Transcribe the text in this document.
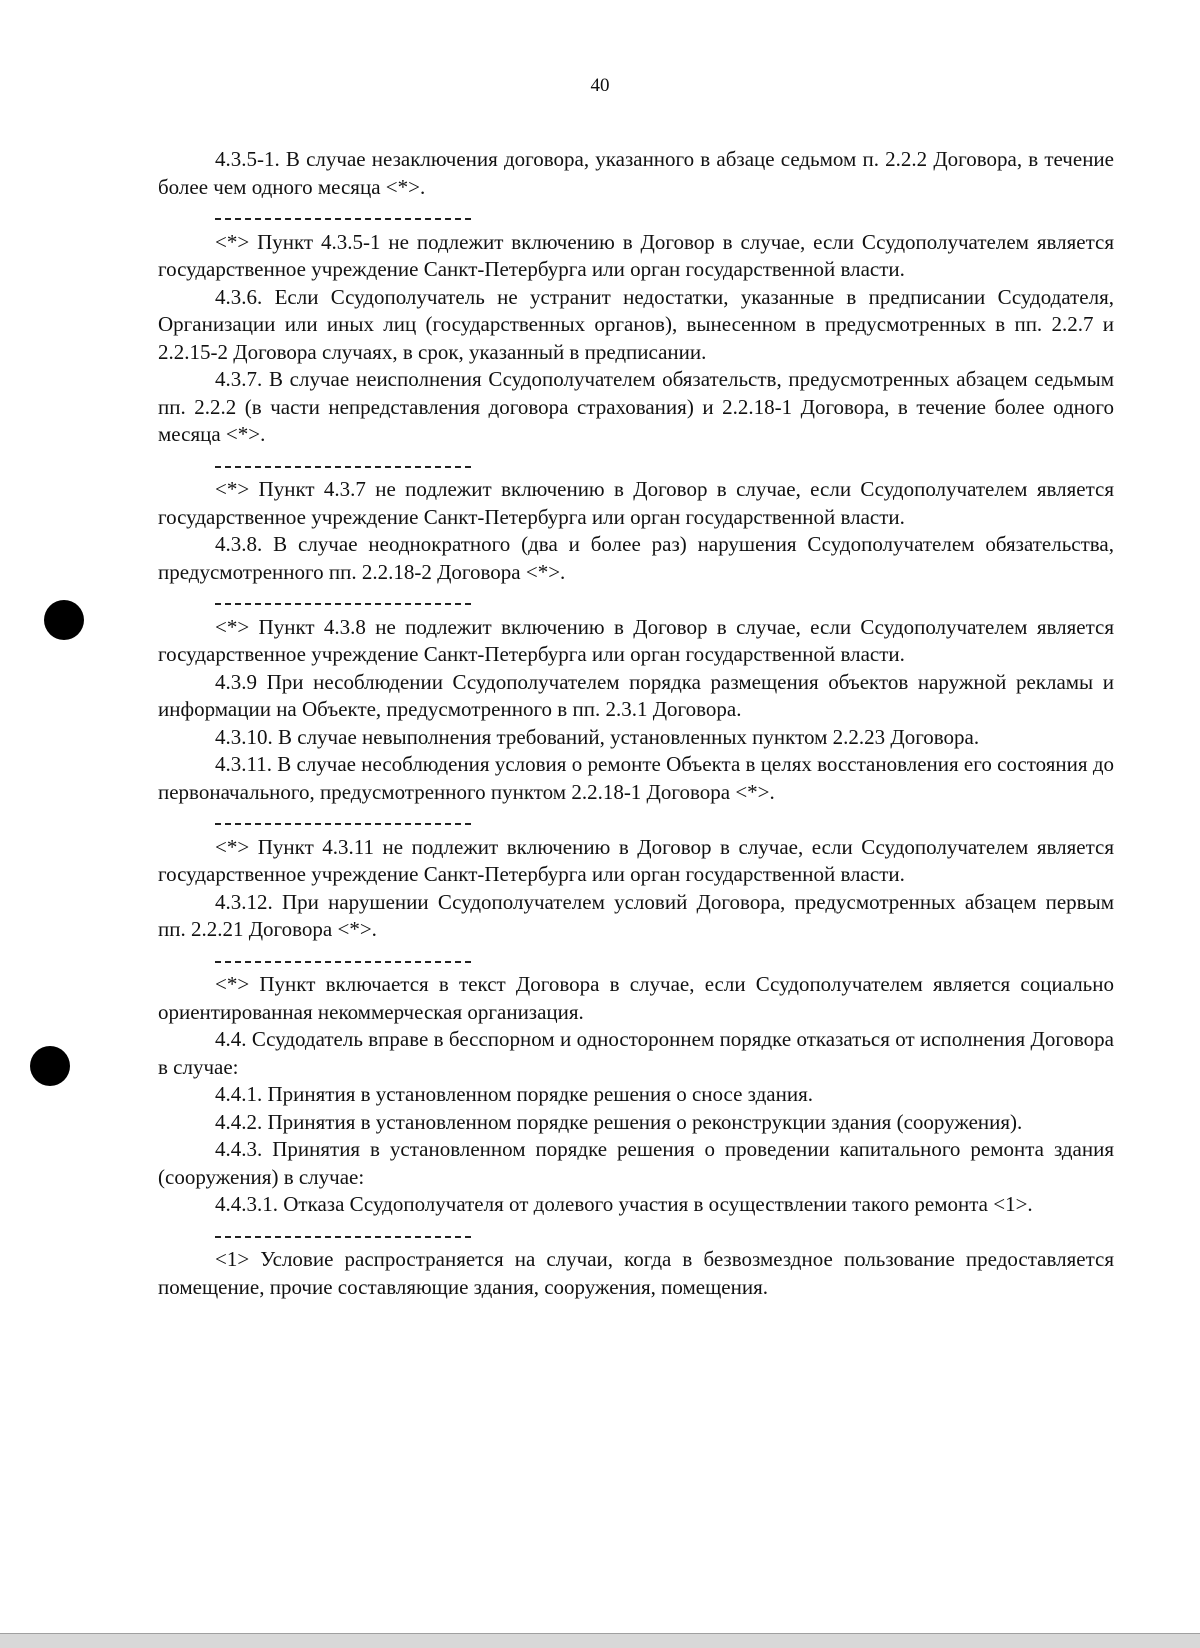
40

4.3.5-1. В случае незаключения договора, указанного в абзаце седьмом п. 2.2.2 Договора, в течение более чем одного месяца <*>.

<*> Пункт 4.3.5-1 не подлежит включению в Договор в случае, если Ссудополучателем является государственное учреждение Санкт-Петербурга или орган государственной власти.

4.3.6. Если Ссудополучатель не устранит недостатки, указанные в предписании Ссудодателя, Организации или иных лиц (государственных органов), вынесенном в предусмотренных в пп. 2.2.7 и 2.2.15-2 Договора случаях, в срок, указанный в предписании.

4.3.7. В случае неисполнения Ссудополучателем обязательств, предусмотренных абзацем седьмым пп. 2.2.2 (в части непредставления договора страхования) и 2.2.18-1 Договора, в течение более одного месяца <*>.

<*> Пункт 4.3.7 не подлежит включению в Договор в случае, если Ссудополучателем является государственное учреждение Санкт-Петербурга или орган государственной власти.

4.3.8. В случае неоднократного (два и более раз) нарушения Ссудополучателем обязательства, предусмотренного пп. 2.2.18-2 Договора <*>.

<*> Пункт 4.3.8 не подлежит включению в Договор в случае, если Ссудополучателем является государственное учреждение Санкт-Петербурга или орган государственной власти.

4.3.9 При несоблюдении Ссудополучателем порядка размещения объектов наружной рекламы и информации на Объекте, предусмотренного в пп. 2.3.1 Договора.

4.3.10. В случае невыполнения требований, установленных пунктом 2.2.23 Договора.

4.3.11. В случае несоблюдения условия о ремонте Объекта в целях восстановления его состояния до первоначального, предусмотренного пунктом 2.2.18-1 Договора <*>.

<*> Пункт 4.3.11 не подлежит включению в Договор в случае, если Ссудополучателем является государственное учреждение Санкт-Петербурга или орган государственной власти.

4.3.12. При нарушении Ссудополучателем условий Договора, предусмотренных абзацем первым пп. 2.2.21 Договора <*>.

<*> Пункт включается в текст Договора в случае, если Ссудополучателем является социально ориентированная некоммерческая организация.

4.4. Ссудодатель вправе в бесспорном и одностороннем порядке отказаться от исполнения Договора в случае:

4.4.1. Принятия в установленном порядке решения о сносе здания.

4.4.2. Принятия в установленном порядке решения о реконструкции здания (сооружения).

4.4.3. Принятия в установленном порядке решения о проведении капитального ремонта здания (сооружения) в случае:

4.4.3.1. Отказа Ссудополучателя от долевого участия в осуществлении такого ремонта <1>.

<1> Условие распространяется на случаи, когда в безвозмездное пользование предоставляется помещение, прочие составляющие здания, сооружения, помещения.
